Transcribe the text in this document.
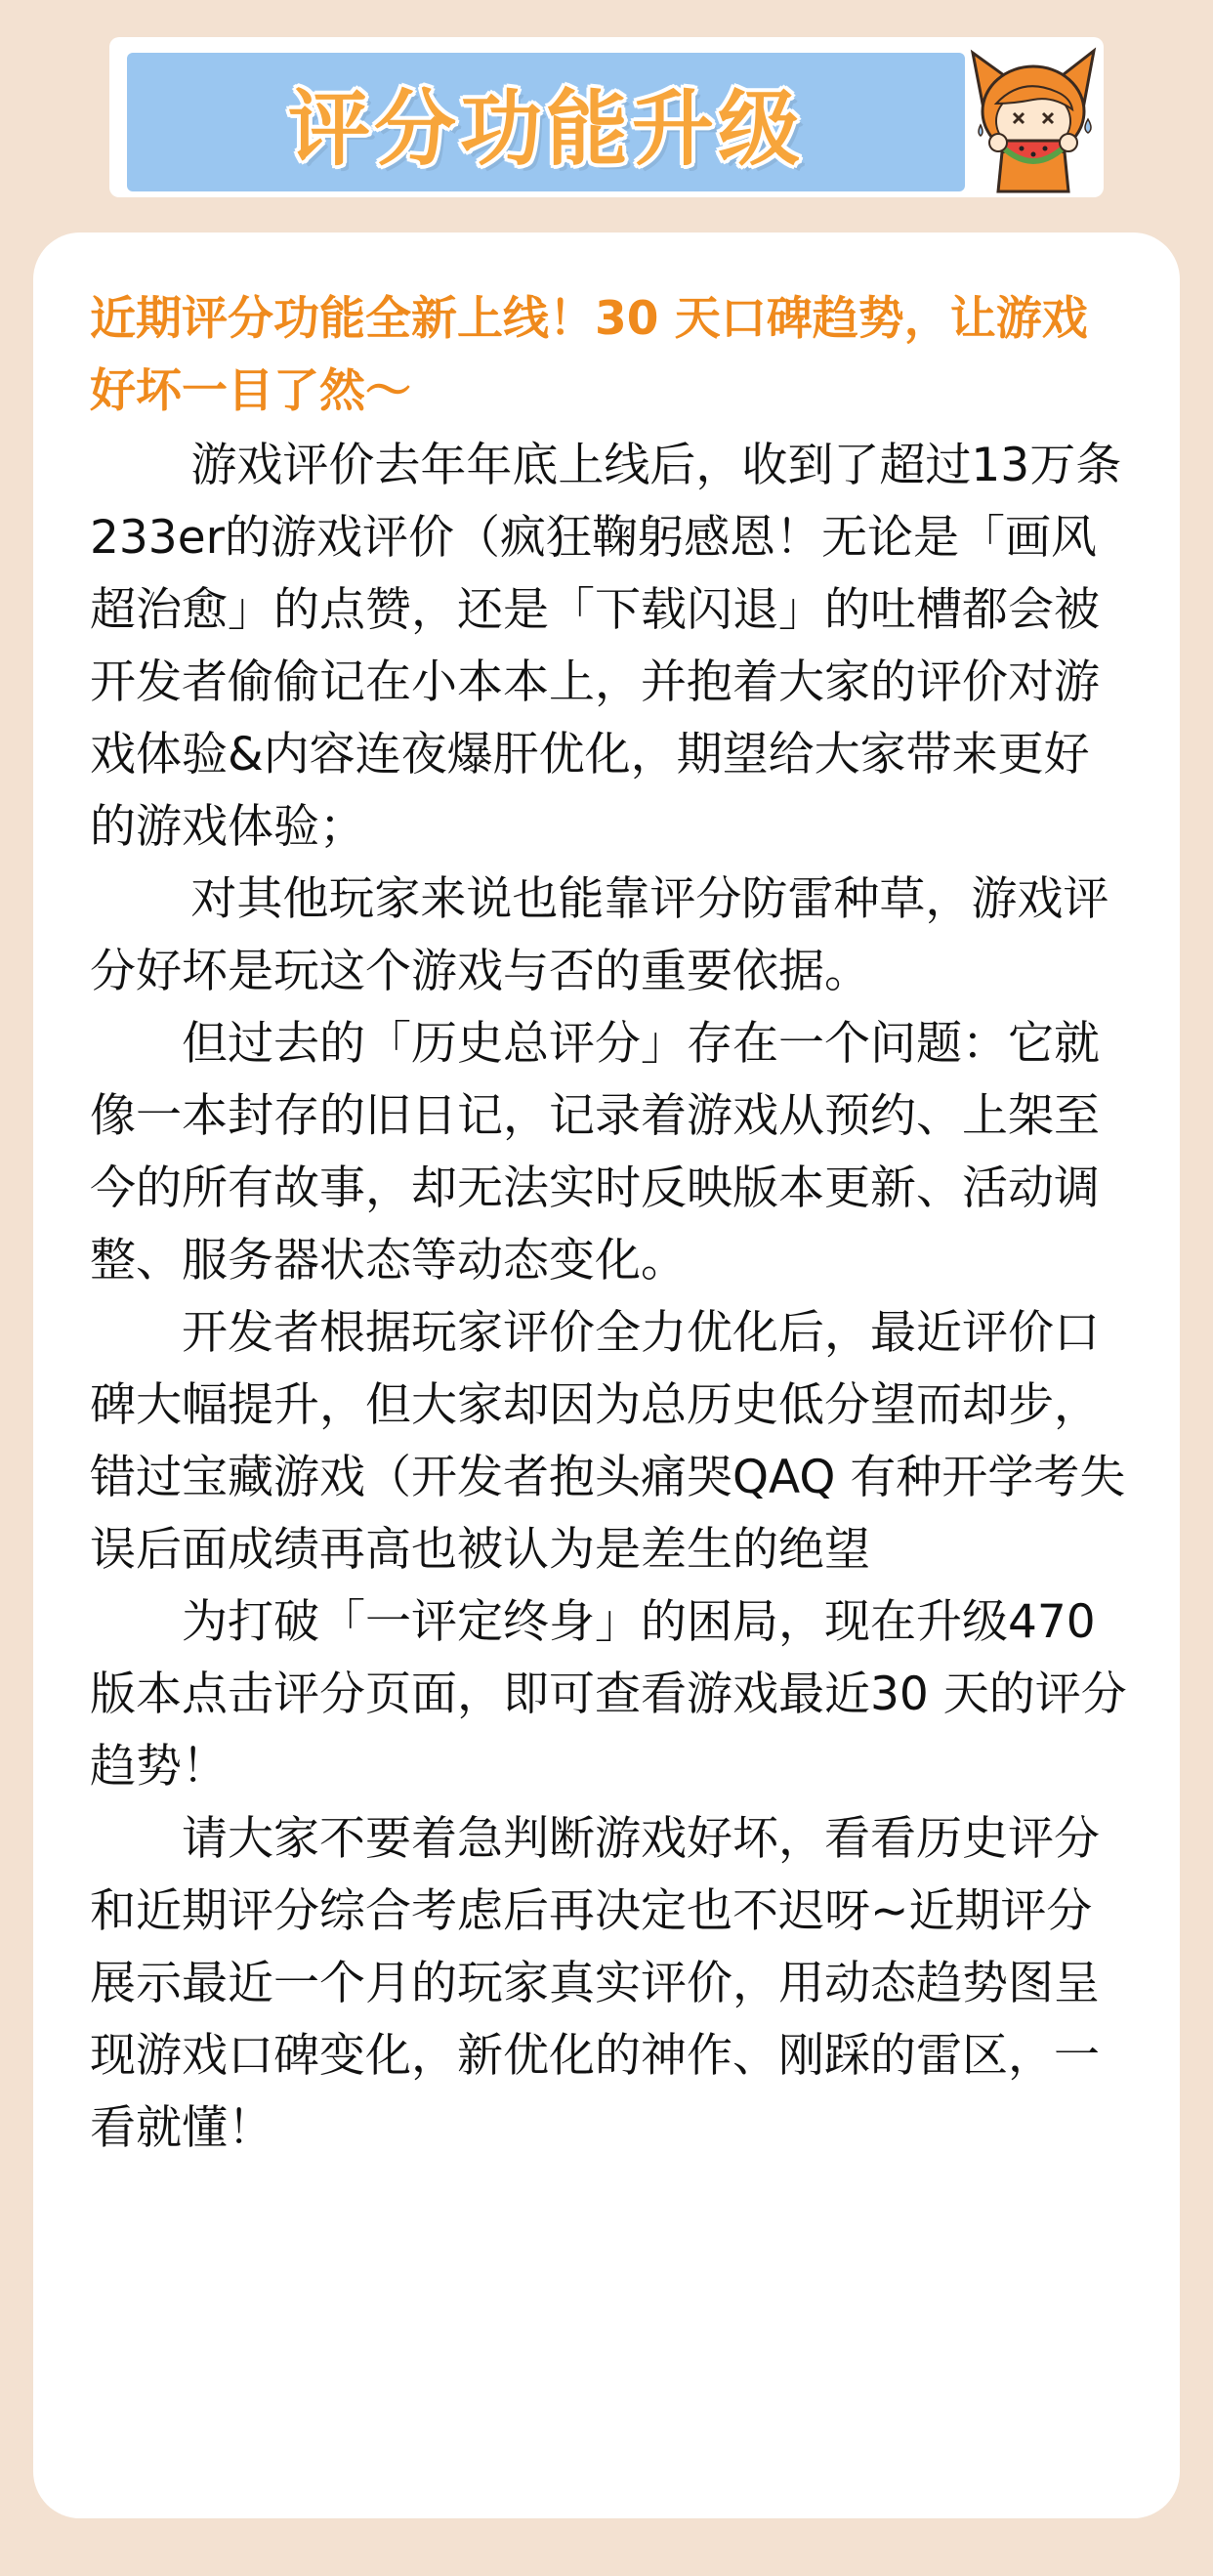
评分功能升级

近期评分功能全新上线！30 天口碑趋势，让游戏好坏一目了然～

游戏评价去年年底上线后，收到了超过13万条233er的游戏评价（疯狂鞠躬感恩！无论是「画风超治愈」的点赞，还是「下载闪退」的吐槽都会被开发者偷偷记在小本本上，并抱着大家的评价对游戏体验&内容连夜爆肝优化，期望给大家带来更好的游戏体验；

对其他玩家来说也能靠评分防雷种草，游戏评分好坏是玩这个游戏与否的重要依据。

但过去的「历史总评分」存在一个问题：它就像一本封存的旧日记，记录着游戏从预约、上架至今的所有故事，却无法实时反映版本更新、活动调整、服务器状态等动态变化。

开发者根据玩家评价全力优化后，最近评价口碑大幅提升，但大家却因为总历史低分望而却步，错过宝藏游戏（开发者抱头痛哭QAQ 有种开学考失误后面成绩再高也被认为是差生的绝望

为打破「一评定终身」的困局，现在升级470版本点击评分页面，即可查看游戏最近30 天的评分趋势！

请大家不要着急判断游戏好坏，看看历史评分和近期评分综合考虑后再决定也不迟呀~近期评分展示最近一个月的玩家真实评价，用动态趋势图呈现游戏口碑变化，新优化的神作、刚踩的雷区，一看就懂！
